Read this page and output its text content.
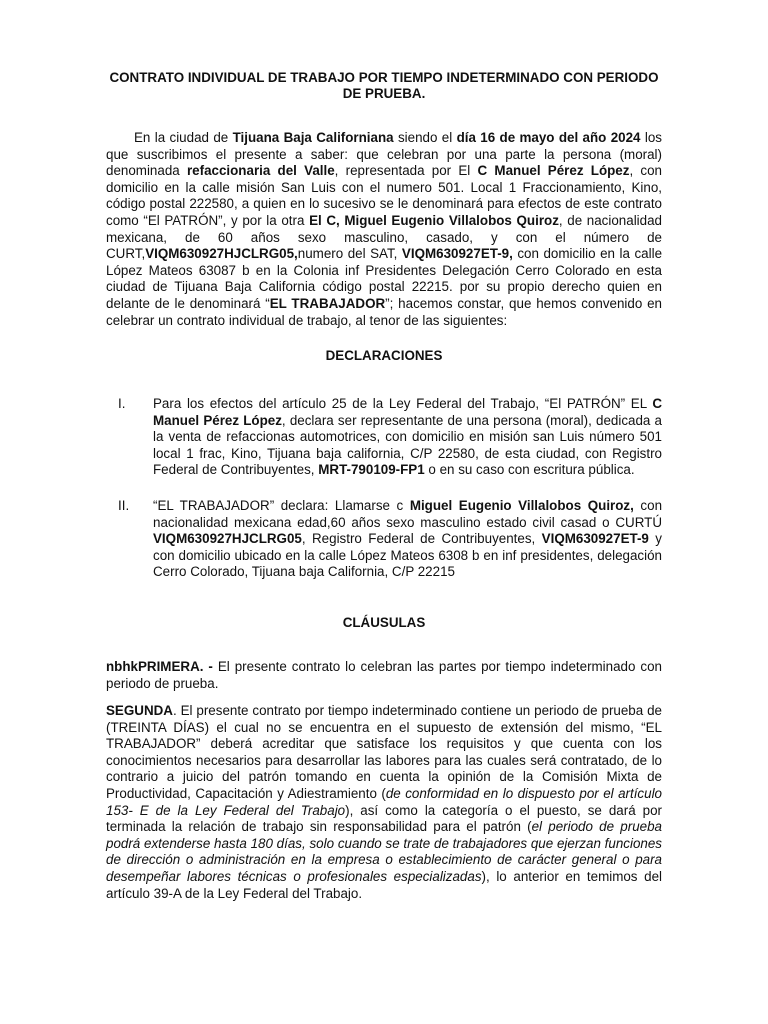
CONTRATO INDIVIDUAL DE TRABAJO POR TIEMPO INDETERMINADO CON PERIODO DE PRUEBA.

En la ciudad de Tijuana Baja Californiana siendo el día 16 de mayo del año 2024 los que suscribimos el presente a saber: que celebran por una parte la persona (moral) denominada refaccionaria del Valle, representada por El C Manuel Pérez López, con domicilio en la calle misión San Luis con el numero 501. Local 1 Fraccionamiento, Kino, código postal 222580, a quien en lo sucesivo se le denominará para efectos de este contrato como “El PATRÓN”, y por la otra El C, Miguel Eugenio Villalobos Quiroz, de nacionalidad mexicana, de 60 años sexo masculino, casado, y con el número de CURT,VIQM630927HJCLRG05,numero del SAT, VIQM630927ET-9, con domicilio en la calle López Mateos 63087 b en la Colonia inf Presidentes Delegación Cerro Colorado en esta ciudad de Tijuana Baja California código postal 22215. por su propio derecho quien en delante de le denominará “EL TRABAJADOR”; hacemos constar, que hemos convenido en celebrar un contrato individual de trabajo, al tenor de las siguientes:

DECLARACIONES
I. Para los efectos del artículo 25 de la Ley Federal del Trabajo, “El PATRÓN” EL C Manuel Pérez López, declara ser representante de una persona (moral), dedicada a la venta de refaccionas automotrices, con domicilio en misión san Luis número 501 local 1 frac, Kino, Tijuana baja california, C/P 22580, de esta ciudad, con Registro Federal de Contribuyentes, MRT-790109-FP1 o en su caso con escritura pública.

II. “EL TRABAJADOR” declara: Llamarse c Miguel Eugenio Villalobos Quiroz, con nacionalidad mexicana edad,60 años sexo masculino estado civil casad o CURTÚ VIQM630927HJCLRG05, Registro Federal de Contribuyentes, VIQM630927ET-9 y con domicilio ubicado en la calle López Mateos 6308 b en inf presidentes, delegación Cerro Colorado, Tijuana baja California, C/P 22215

CLÁUSULAS

nbhkPRIMERA. - El presente contrato lo celebran las partes por tiempo indeterminado con periodo de prueba.

SEGUNDA. El presente contrato por tiempo indeterminado contiene un periodo de prueba de (TREINTA DÍAS) el cual no se encuentra en el supuesto de extensión del mismo, “EL TRABAJADOR” deberá acreditar que satisface los requisitos y que cuenta con los conocimientos necesarios para desarrollar las labores para las cuales será contratado, de lo contrario a juicio del patrón tomando en cuenta la opinión de la Comisión Mixta de Productividad, Capacitación y Adiestramiento (de conformidad en lo dispuesto por el artículo 153- E de la Ley Federal del Trabajo), así como la categoría o el puesto, se dará por terminada la relación de trabajo sin responsabilidad para el patrón (el periodo de prueba podrá extenderse hasta 180 días, solo cuando se trate de trabajadores que ejerzan funciones de dirección o administración en la empresa o establecimiento de carácter general o para desempeñar labores técnicas o profesionales especializadas), lo anterior en temimos del artículo 39-A de la Ley Federal del Trabajo.
